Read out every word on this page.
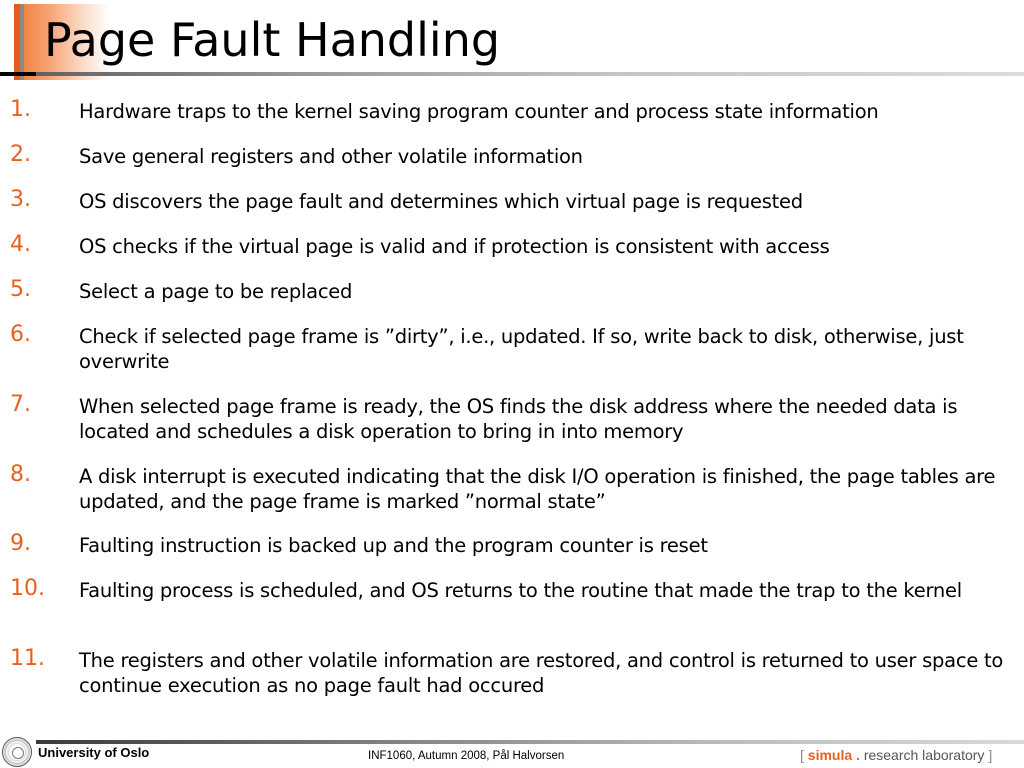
Page Fault Handling
1. Hardware traps to the kernel saving program counter and process state information
2. Save general registers and other volatile information
3. OS discovers the page fault and determines which virtual page is requested
4. OS checks if the virtual page is valid and if protection is consistent with access
5. Select a page to be replaced
6. Check if selected page frame is ”dirty”, i.e., updated. If so, write back to disk, otherwise, just overwrite
7. When selected page frame is ready, the OS finds the disk address where the needed data is located and schedules a disk operation to bring in into memory
8. A disk interrupt is executed indicating that the disk I/O operation is finished, the page tables are updated, and the page frame is marked ”normal state”
9. Faulting instruction is backed up and the program counter is reset
10. Faulting process is scheduled, and OS returns to the routine that made the trap to the kernel
11. The registers and other volatile information are restored, and control is returned to user space to continue execution as no page fault had occured
University of Oslo	INF1060, Autumn 2008, Pål Halvorsen	[ simula . research laboratory ]
